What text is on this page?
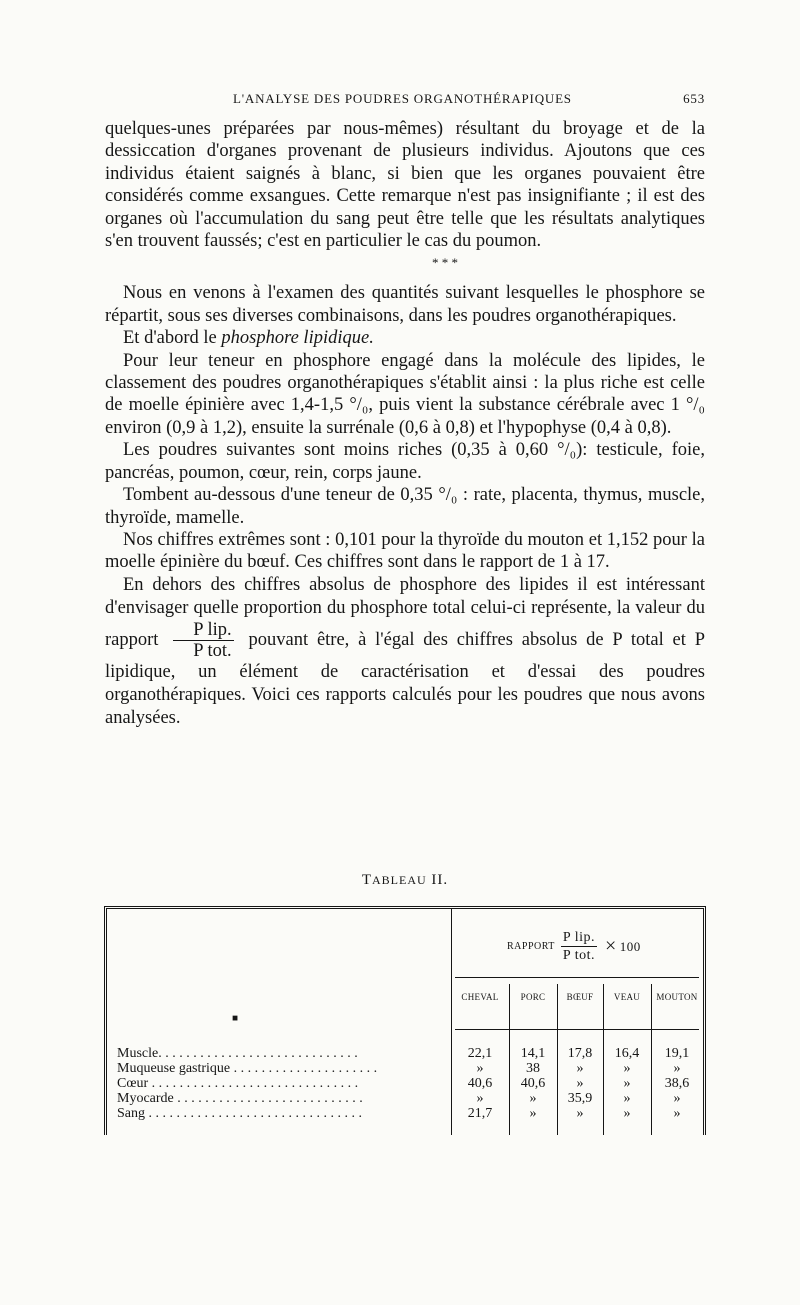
L'ANALYSE DES POUDRES ORGANOTHÉRAPIQUES	653

quelques-unes préparées par nous-mêmes) résultant du broyage et de la dessiccation d'organes provenant de plusieurs individus. Ajoutons que ces individus étaient saignés à blanc, si bien que les organes pouvaient être considérés comme exsangues. Cette remarque n'est pas insignifiante ; il est des organes où l'accumulation du sang peut être telle que les résultats analytiques s'en trouvent faussés; c'est en particulier le cas du poumon.

* * *

Nous en venons à l'examen des quantités suivant lesquelles le phosphore se répartit, sous ses diverses combinaisons, dans les poudres organothérapiques.

Et d'abord le phosphore lipidique.

Pour leur teneur en phosphore engagé dans la molécule des lipides, le classement des poudres organothérapiques s'établit ainsi : la plus riche est celle de moelle épinière avec 1,4-1,5 °/₀, puis vient la substance cérébrale avec 1 °/₀ environ (0,9 à 1,2), ensuite la surrénale (0,6 à 0,8) et l'hypophyse (0,4 à 0,8).

Les poudres suivantes sont moins riches (0,35 à 0,60 °/₀): testicule, foie, pancréas, poumon, cœur, rein, corps jaune.

Tombent au-dessous d'une teneur de 0,35 °/₀ : rate, placenta, thymus, muscle, thyroïde, mamelle.

Nos chiffres extrêmes sont : 0,101 pour la thyroïde du mouton et 1,152 pour la moelle épinière du bœuf. Ces chiffres sont dans le rapport de 1 à 17.

En dehors des chiffres absolus de phosphore des lipides il est intéressant d'envisager quelle proportion du phosphore total celui-ci représente, la valeur du rapport $\frac{\text{P lip.}}{\text{P tot.}}$ pouvant être, à l'égal des chiffres absolus de P total et P lipidique, un élément de caractérisation et d'essai des poudres organothérapiques. Voici ces rapports calculés pour les poudres que nous avons analysées.

TABLEAU II.
RAPPORT $\frac{\text{P lip.}}{\text{P tot.}} \times 100$
CHEVAL	PORC	BŒUF	VEAU	MOUTON
■
Muscle. . . . . . . . . . . . . . . . . . . . . . . . . . . . .	22,1	14,1	17,8	16,4	19,1
Muqueuse gastrique . . . . . . . . . . . . . . . . . . . . .	»	38	»	»	»
Cœur . . . . . . . . . . . . . . . . . . . . . . . . . . . . . .	40,6	40,6	»	»	38,6
Myocarde . . . . . . . . . . . . . . . . . . . . . . . . . . .	»	»	35,9	»	»
Sang . . . . . . . . . . . . . . . . . . . . . . . . . . . . . . .	21,7	»	»	»	»
